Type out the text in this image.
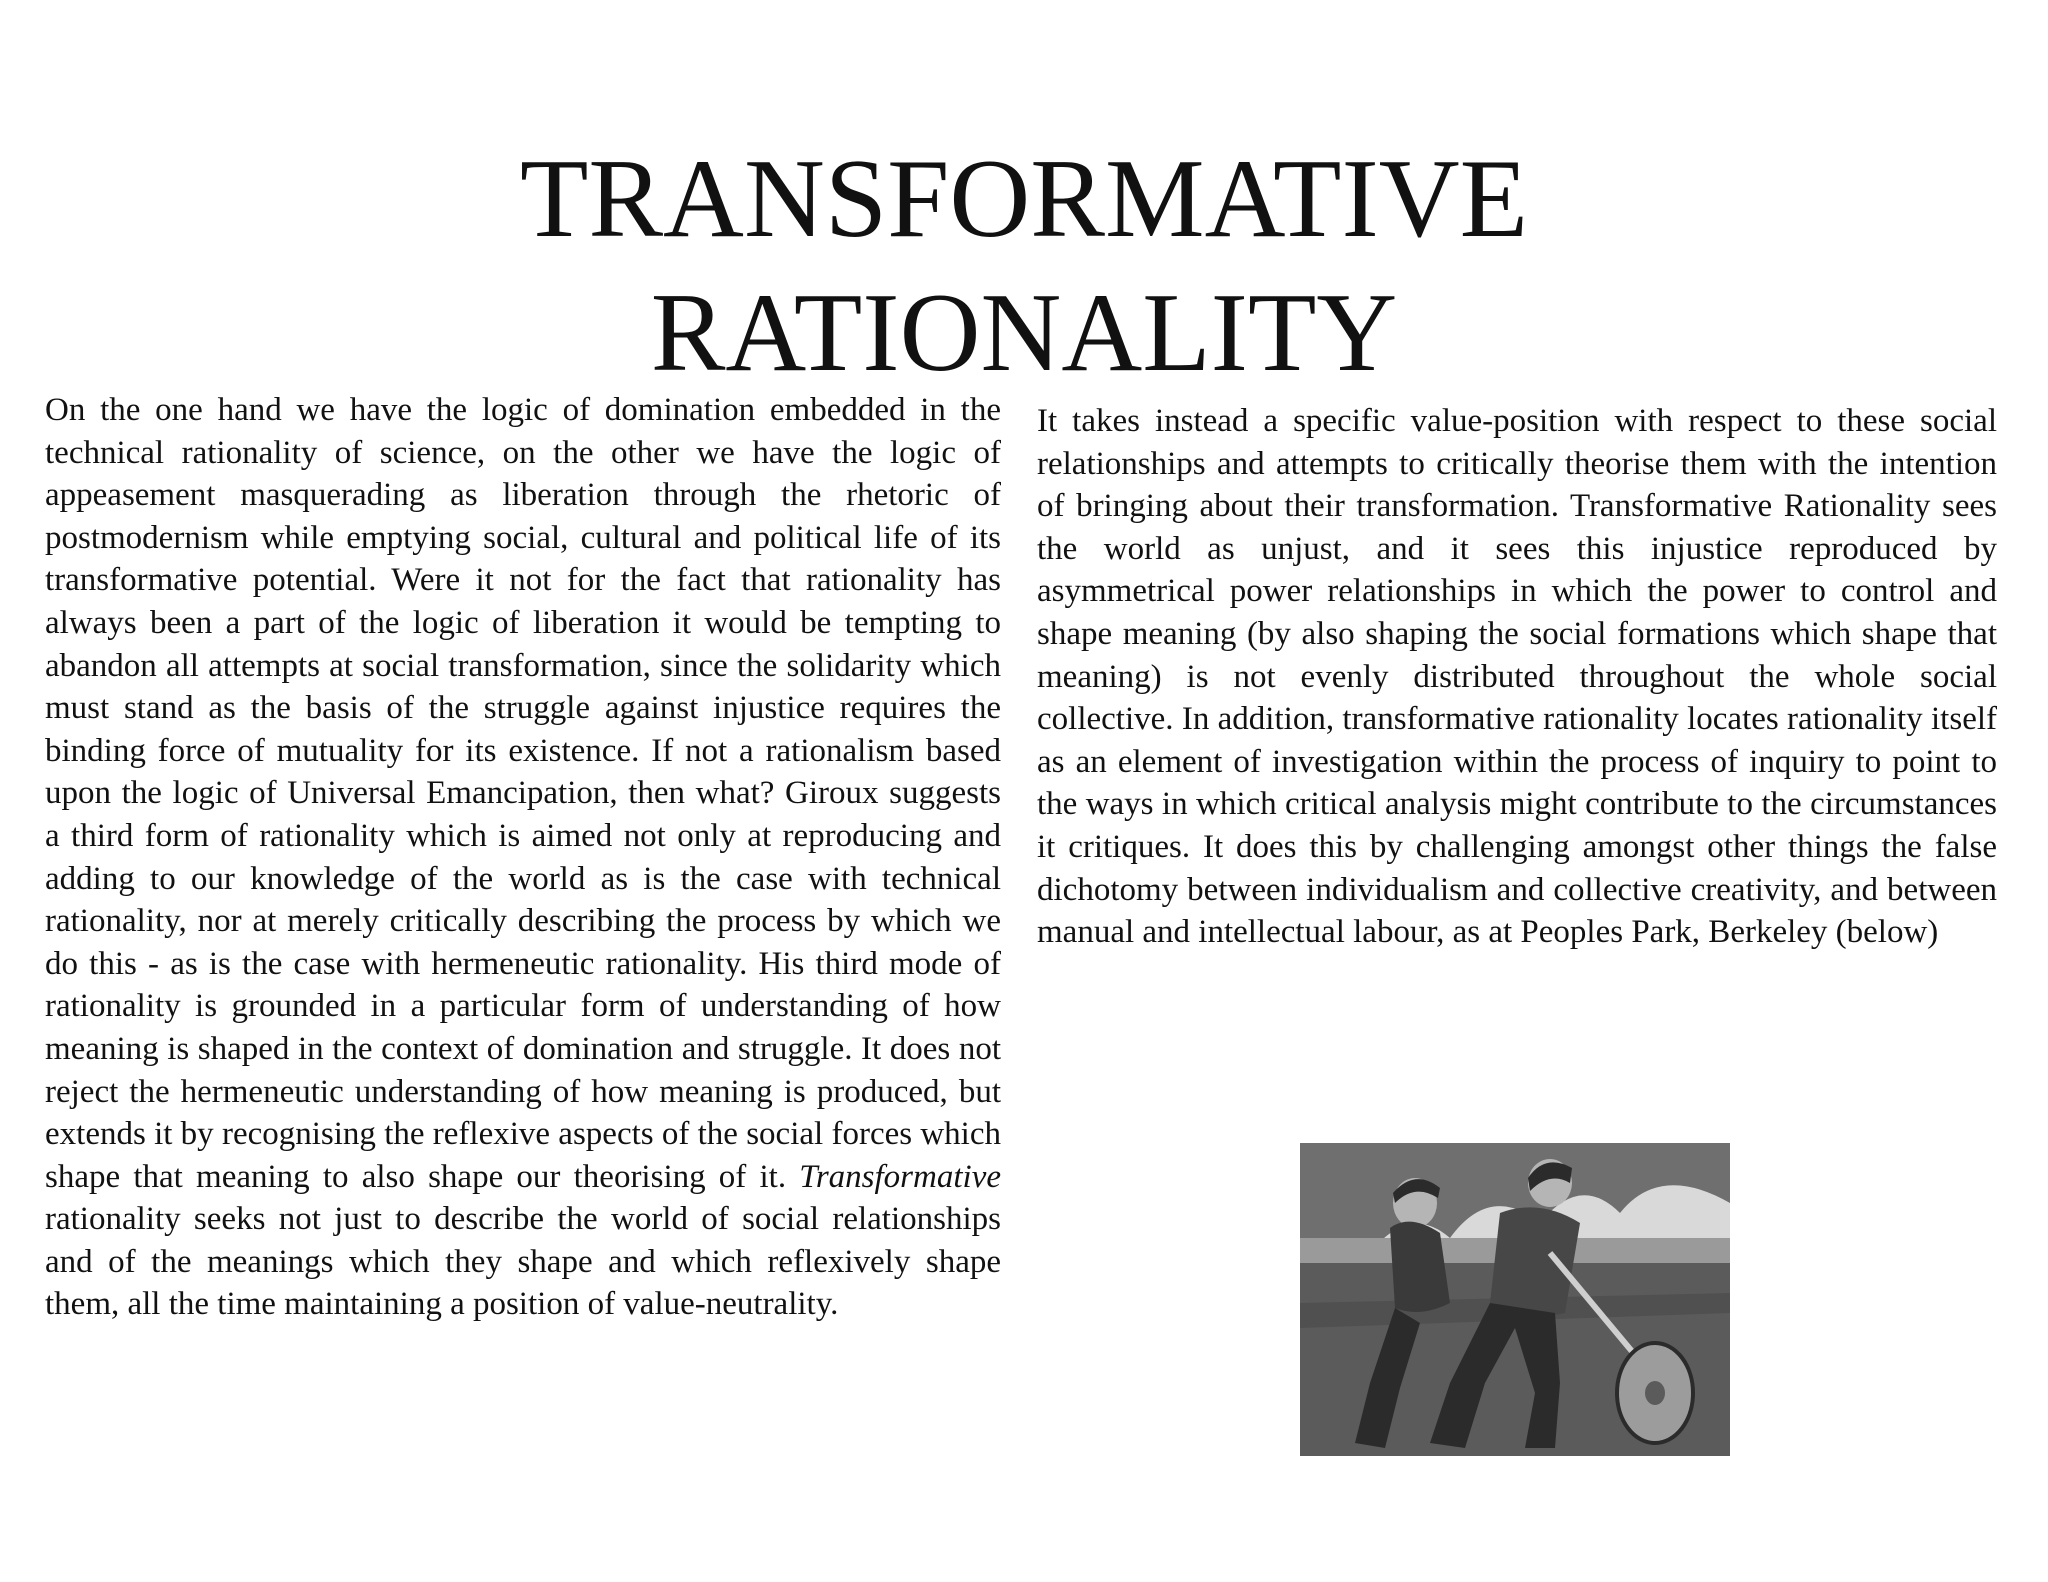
TRANSFORMATIVE
RATIONALITY

On the one hand we have the logic of domination embedded in the technical rationality of science, on the other we have the logic of appeasement masquerading as liberation through the rhetoric of postmodernism while emptying social, cultural and political life of its transformative potential. Were it not for the fact that rationality has always been a part of the logic of liberation it would be tempting to abandon all attempts at social transformation, since the solidarity which must stand as the basis of the struggle against injustice requires the binding force of mutuality for its existence. If not a rationalism based upon the logic of Universal Emancipation, then what? Giroux suggests a third form of rationality which is aimed not only at reproducing and adding to our knowledge of the world as is the case with technical rationality, nor at merely critically describing the process by which we do this - as is the case with hermeneutic rationality. His third mode of rationality is grounded in a particular form of understanding of how meaning is shaped in the context of domination and struggle. It does not reject the hermeneutic understanding of how meaning is produced, but extends it by recognising the reflexive aspects of the social forces which shape that meaning to also shape our theorising of it. Transformative rationality seeks not just to describe the world of social relationships and of the meanings which they shape and which reflexively shape them, all the time maintaining a position of value-neutrality.

It takes instead a specific value-position with respect to these social relationships and attempts to critically theorise them with the intention of bringing about their transformation. Transformative Rationality sees the world as unjust, and it sees this injustice reproduced by asymmetrical power relationships in which the power to control and shape meaning (by also shaping the social formations which shape that meaning) is not evenly distributed throughout the whole social collective. In addition, transformative rationality locates rationality itself as an element of investigation within the process of inquiry to point to the ways in which critical analysis might contribute to the circumstances it critiques. It does this by challenging amongst other things the false dichotomy between individualism and collective creativity, and between manual and intellectual labour, as at Peoples Park, Berkeley (below)
